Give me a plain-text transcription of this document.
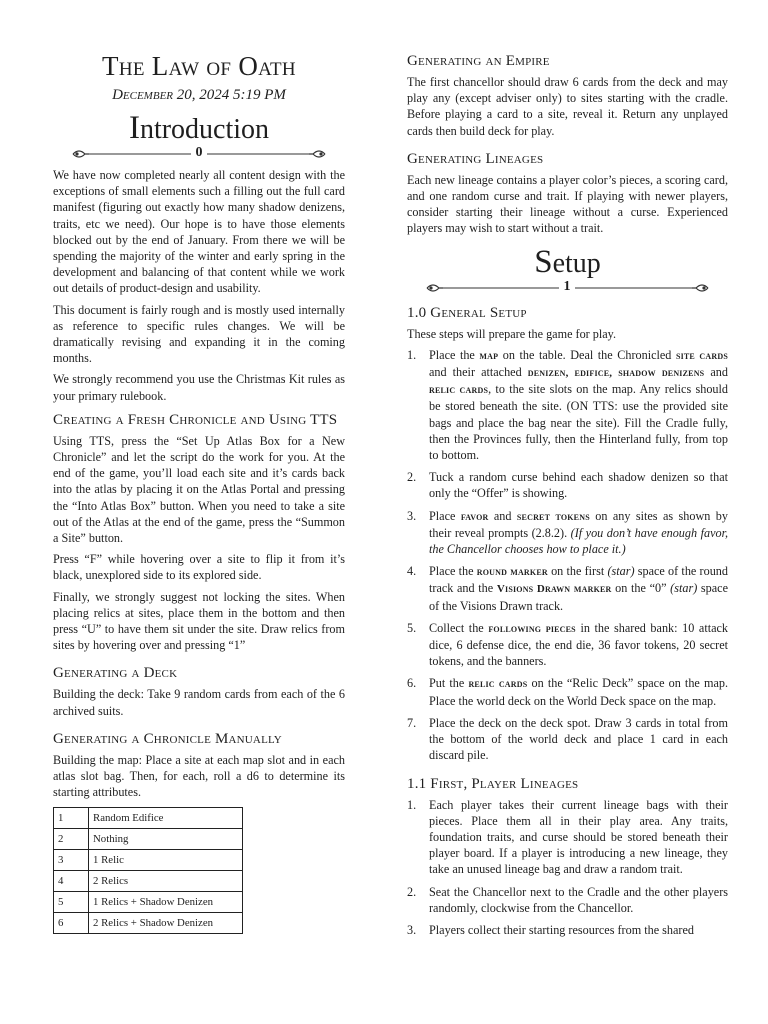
The Law of Oath
December 20, 2024 5:19 PM
Introduction
0

We have now completed nearly all content design with the exceptions of small elements such a filling out the full card manifest (figuring out exactly how many shadow denizens, traits, etc we need). Our hope is to have those elements blocked out by the end of January. From there we will be spending the majority of the winter and early spring in the development and balancing of that content while we work out details of product-design and usability.

This document is fairly rough and is mostly used internally as reference to specific rules changes. We will be dramatically revising and expanding it in the coming months.

We strongly recommend you use the Christmas Kit rules as your primary rulebook.

Creating a Fresh Chronicle and Using TTS

Using TTS, press the “Set Up Atlas Box for a New Chronicle” and let the script do the work for you. At the end of the game, you’ll load each site and it’s cards back into the atlas by placing it on the Atlas Portal and pressing the “Into Atlas Box” button. When you need to take a site out of the Atlas at the end of the game, press the “Summon a Site” button.

Press “F” while hovering over a site to flip it from it’s black, unexplored side to its explored side.

Finally, we strongly suggest not locking the sites. When placing relics at sites, place them in the bottom and then press “U” to have them sit under the site. Draw relics from sites by hovering over and pressing “1”

Generating a Deck

Building the deck: Take 9 random cards from each of the 6 archived suits.

Generating a Chronicle Manually

Building the map: Place a site at each map slot and in each atlas slot bag. Then, for each, roll a d6 to determine its starting attributes.

1	Random Edifice
2	Nothing
3	1 Relic
4	2 Relics
5	1 Relics + Shadow Denizen
6	2 Relics + Shadow Denizen
Generating an Empire

The first chancellor should draw 6 cards from the deck and may play any (except adviser only) to sites starting with the cradle. Before playing a card to a site, reveal it. Return any unplayed cards then build deck for play.

Generating Lineages

Each new lineage contains a player color’s pieces, a scoring card, and one random curse and trait. If playing with newer players, consider starting their lineage without a curse. Experienced players may wish to start without a trait.

Setup
1
1.0 General Setup

These steps will prepare the game for play.

1. Place the map on the table. Deal the Chronicled site cards and their attached denizen, edifice, shadow denizens and relic cards, to the site slots on the map. Any relics should be stored beneath the site. (ON TTS: use the provided site bags and place the bag near the site). Fill the Cradle fully, then the Provinces fully, then the Hinterland fully, from top to bottom.
2. Tuck a random curse behind each shadow denizen so that only the “Offer” is showing.
3. Place favor and secret tokens on any sites as shown by their reveal prompts (2.8.2). (If you don’t have enough favor, the Chancellor chooses how to place it.)
4. Place the round marker on the first (star) space of the round track and the Visions Drawn marker on the “0” (star) space of the Visions Drawn track.
5. Collect the following pieces in the shared bank: 10 attack dice, 6 defense dice, the end die, 36 favor tokens, 20 secret tokens, and the banners.
6. Put the relic cards on the “Relic Deck” space on the map. Place the world deck on the World Deck space on the map.
7. Place the deck on the deck spot. Draw 3 cards in total from the bottom of the world deck and place 1 card in each discard pile.
1.1 First, Player Lineages
1. Each player takes their current lineage bags with their pieces. Place them all in their play area. Any traits, foundation traits, and curse should be stored beneath their player board. If a player is introducing a new lineage, they take an unused lineage bag and draw a random trait.
2. Seat the Chancellor next to the Cradle and the other players randomly, clockwise from the Chancellor.
3. Players collect their starting resources from the shared
